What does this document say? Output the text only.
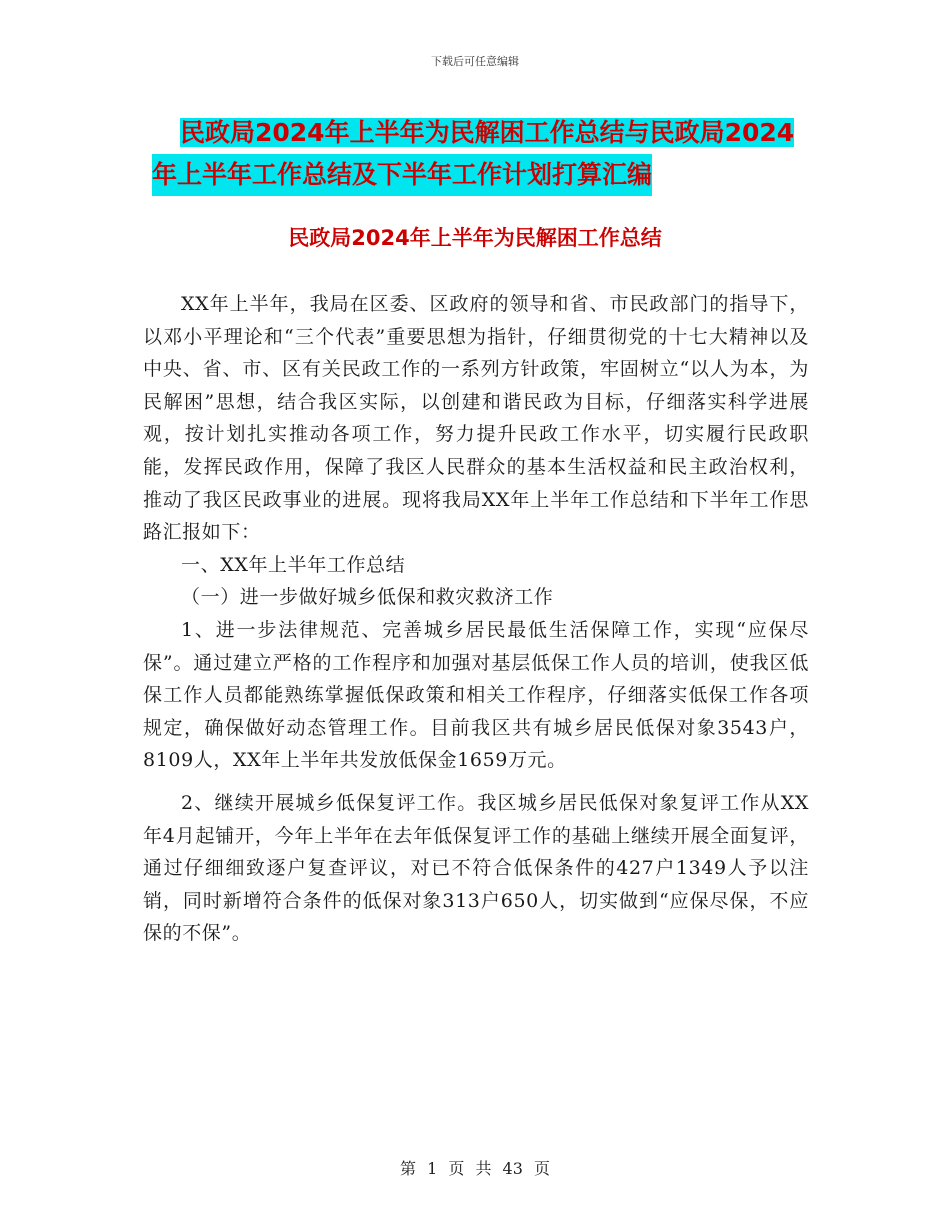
下载后可任意编辑
民政局2024年上半年为民解困工作总结与民政局2024
年上半年工作总结及下半年工作计划打算汇编
民政局2024年上半年为民解困工作总结

XX年上半年，我局在区委、区政府的领导和省、市民政部门的指导下，以邓小平理论和“三个代表”重要思想为指针，仔细贯彻党的十七大精神以及中央、省、市、区有关民政工作的一系列方针政策，牢固树立“以人为本，为民解困”思想，结合我区实际，以创建和谐民政为目标，仔细落实科学进展观，按计划扎实推动各项工作，努力提升民政工作水平，切实履行民政职能，发挥民政作用，保障了我区人民群众的基本生活权益和民主政治权利，推动了我区民政事业的进展。现将我局XX年上半年工作总结和下半年工作思路汇报如下：

一、XX年上半年工作总结

（一）进一步做好城乡低保和救灾救济工作

1、进一步法律规范、完善城乡居民最低生活保障工作，实现“应保尽保”。通过建立严格的工作程序和加强对基层低保工作人员的培训，使我区低保工作人员都能熟练掌握低保政策和相关工作程序，仔细落实低保工作各项规定，确保做好动态管理工作。目前我区共有城乡居民低保对象3543户，8109人，XX年上半年共发放低保金1659万元。

2、继续开展城乡低保复评工作。我区城乡居民低保对象复评工作从XX年4月起铺开，今年上半年在去年低保复评工作的基础上继续开展全面复评，通过仔细细致逐户复查评议，对已不符合低保条件的427户1349人予以注销，同时新增符合条件的低保对象313户650人，切实做到“应保尽保，不应保的不保”。

第 1 页 共 43 页
